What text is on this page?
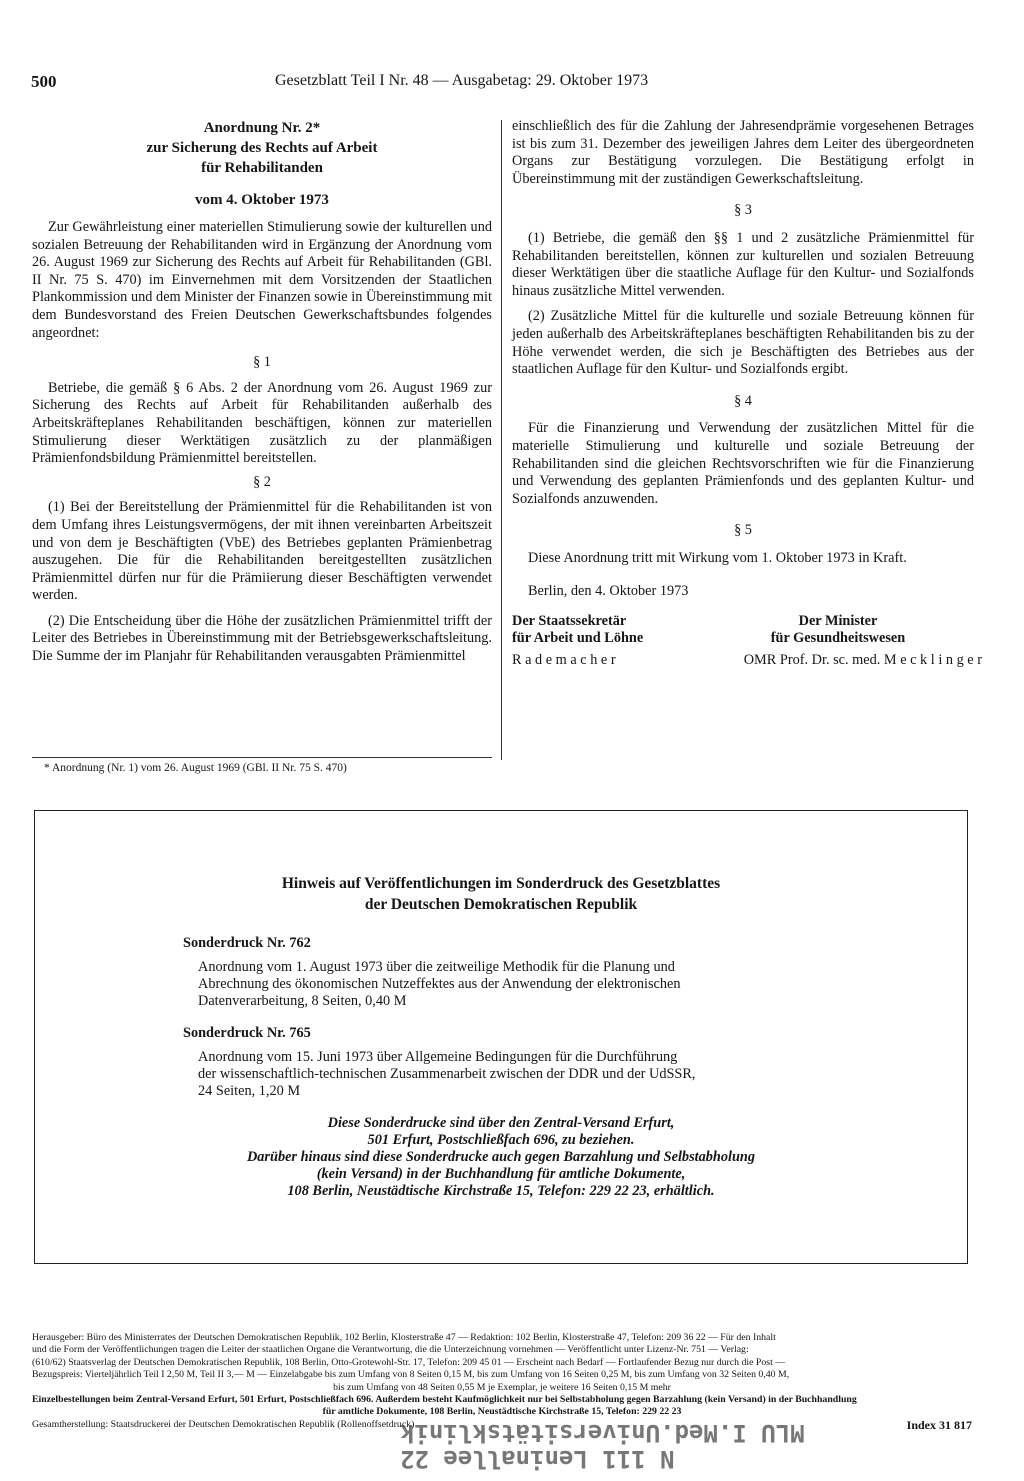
500	Gesetzblatt Teil I Nr. 48 — Ausgabetag: 29. Oktober 1973
Anordnung Nr. 2*
zur Sicherung des Rechts auf Arbeit
für Rehabilitanden
vom 4. Oktober 1973

Zur Gewährleistung einer materiellen Stimulierung sowie der kulturellen und sozialen Betreuung der Rehabilitanden wird in Ergänzung der Anordnung vom 26. August 1969 zur Sicherung des Rechts auf Arbeit für Rehabilitanden (GBl. II Nr. 75 S. 470) im Einvernehmen mit dem Vorsitzenden der Staatlichen Plankommission und dem Minister der Finanzen sowie in Übereinstimmung mit dem Bundesvorstand des Freien Deutschen Gewerkschaftsbundes folgendes angeordnet:

§ 1

Betriebe, die gemäß § 6 Abs. 2 der Anordnung vom 26. August 1969 zur Sicherung des Rechts auf Arbeit für Rehabilitanden außerhalb des Arbeitskräfteplanes Rehabilitanden beschäftigen, können zur materiellen Stimulierung dieser Werktätigen zusätzlich zu der planmäßigen Prämienfondsbildung Prämienmittel bereitstellen.

§ 2

(1) Bei der Bereitstellung der Prämienmittel für die Rehabilitanden ist von dem Umfang ihres Leistungsvermögens, der mit ihnen vereinbarten Arbeitszeit und von dem je Beschäftigten (VbE) des Betriebes geplanten Prämienbetrag auszugehen. Die für die Rehabilitanden bereitgestellten zusätzlichen Prämienmittel dürfen nur für die Prämiierung dieser Beschäftigten verwendet werden.

(2) Die Entscheidung über die Höhe der zusätzlichen Prämienmittel trifft der Leiter des Betriebes in Übereinstimmung mit der Betriebsgewerkschaftsleitung. Die Summe der im Planjahr für Rehabilitanden verausgabten Prämienmittel

* Anordnung (Nr. 1) vom 26. August 1969 (GBl. II Nr. 75 S. 470)

einschließlich des für die Zahlung der Jahresendprämie vorgesehenen Betrages ist bis zum 31. Dezember des jeweiligen Jahres dem Leiter des übergeordneten Organs zur Bestätigung vorzulegen. Die Bestätigung erfolgt in Übereinstimmung mit der zuständigen Gewerkschaftsleitung.

§ 3

(1) Betriebe, die gemäß den §§ 1 und 2 zusätzliche Prämienmittel für Rehabilitanden bereitstellen, können zur kulturellen und sozialen Betreuung dieser Werktätigen über die staatliche Auflage für den Kultur- und Sozialfonds hinaus zusätzliche Mittel verwenden.

(2) Zusätzliche Mittel für die kulturelle und soziale Betreuung können für jeden außerhalb des Arbeitskräfteplanes beschäftigten Rehabilitanden bis zu der Höhe verwendet werden, die sich je Beschäftigten des Betriebes aus der staatlichen Auflage für den Kultur- und Sozialfonds ergibt.

§ 4

Für die Finanzierung und Verwendung der zusätzlichen Mittel für die materielle Stimulierung und kulturelle und soziale Betreuung der Rehabilitanden sind die gleichen Rechtsvorschriften wie für die Finanzierung und Verwendung des geplanten Prämienfonds und des geplanten Kultur- und Sozialfonds anzuwenden.

§ 5

Diese Anordnung tritt mit Wirkung vom 1. Oktober 1973 in Kraft.

Berlin, den 4. Oktober 1973

Der Staatssekretär
für Arbeit und Löhne
R a d e m a c h e r
Der Minister
für Gesundheitswesen
OMR Prof. Dr. sc. med. M e c k l i n g e r
Hinweis auf Veröffentlichungen im Sonderdruck des Gesetzblattes
der Deutschen Demokratischen Republik
Sonderdruck Nr. 762
Anordnung vom 1. August 1973 über die zeitweilige Methodik für die Planung und
Abrechnung des ökonomischen Nutzeffektes aus der Anwendung der elektronischen
Datenverarbeitung, 8 Seiten, 0,40 M
Sonderdruck Nr. 765
Anordnung vom 15. Juni 1973 über Allgemeine Bedingungen für die Durchführung
der wissenschaftlich-technischen Zusammenarbeit zwischen der DDR und der UdSSR,
24 Seiten, 1,20 M
Diese Sonderdrucke sind über den Zentral-Versand Erfurt,
501 Erfurt, Postschließfach 696, zu beziehen.
Darüber hinaus sind diese Sonderdrucke auch gegen Barzahlung und Selbstabholung
(kein Versand) in der Buchhandlung für amtliche Dokumente,
108 Berlin, Neustädtische Kirchstraße 15, Telefon: 229 22 23, erhältlich.
Herausgeber: Büro des Ministerrates der Deutschen Demokratischen Republik, 102 Berlin, Klosterstraße 47 — Redaktion: 102 Berlin, Klosterstraße 47, Telefon: 209 36 22 — Für den Inhalt
und die Form der Veröffentlichungen tragen die Leiter der staatlichen Organe die Verantwortung, die die Unterzeichnung vornehmen — Veröffentlicht unter Lizenz-Nr. 751 — Verlag:
(610/62) Staatsverlag der Deutschen Demokratischen Republik, 108 Berlin, Otto-Grotewohl-Str. 17, Telefon: 209 45 01 — Erscheint nach Bedarf — Fortlaufender Bezug nur durch die Post —
Bezugspreis: Vierteljährlich Teil I 2,50 M, Teil II 3,— M — Einzelabgabe bis zum Umfang von 8 Seiten 0,15 M, bis zum Umfang von 16 Seiten 0,25 M, bis zum Umfang von 32 Seiten 0,40 M,
bis zum Umfang von 48 Seiten 0,55 M je Exemplar, je weitere 16 Seiten 0,15 M mehr
Einzelbestellungen beim Zentral-Versand Erfurt, 501 Erfurt, Postschließfach 696. Außerdem besteht Kaufmöglichkeit nur bei Selbstabholung gegen Barzahlung (kein Versand) in der Buchhandlung
für amtliche Dokumente, 108 Berlin, Neustädtische Kirchstraße 15, Telefon: 229 22 23
Gesamtherstellung: Staatsdruckerei der Deutschen Demokratischen Republik (Rollenoffsetdruck)	Index 31 817
N 111 Leninallee 22
MLU I.Med.Universitätsklinik
